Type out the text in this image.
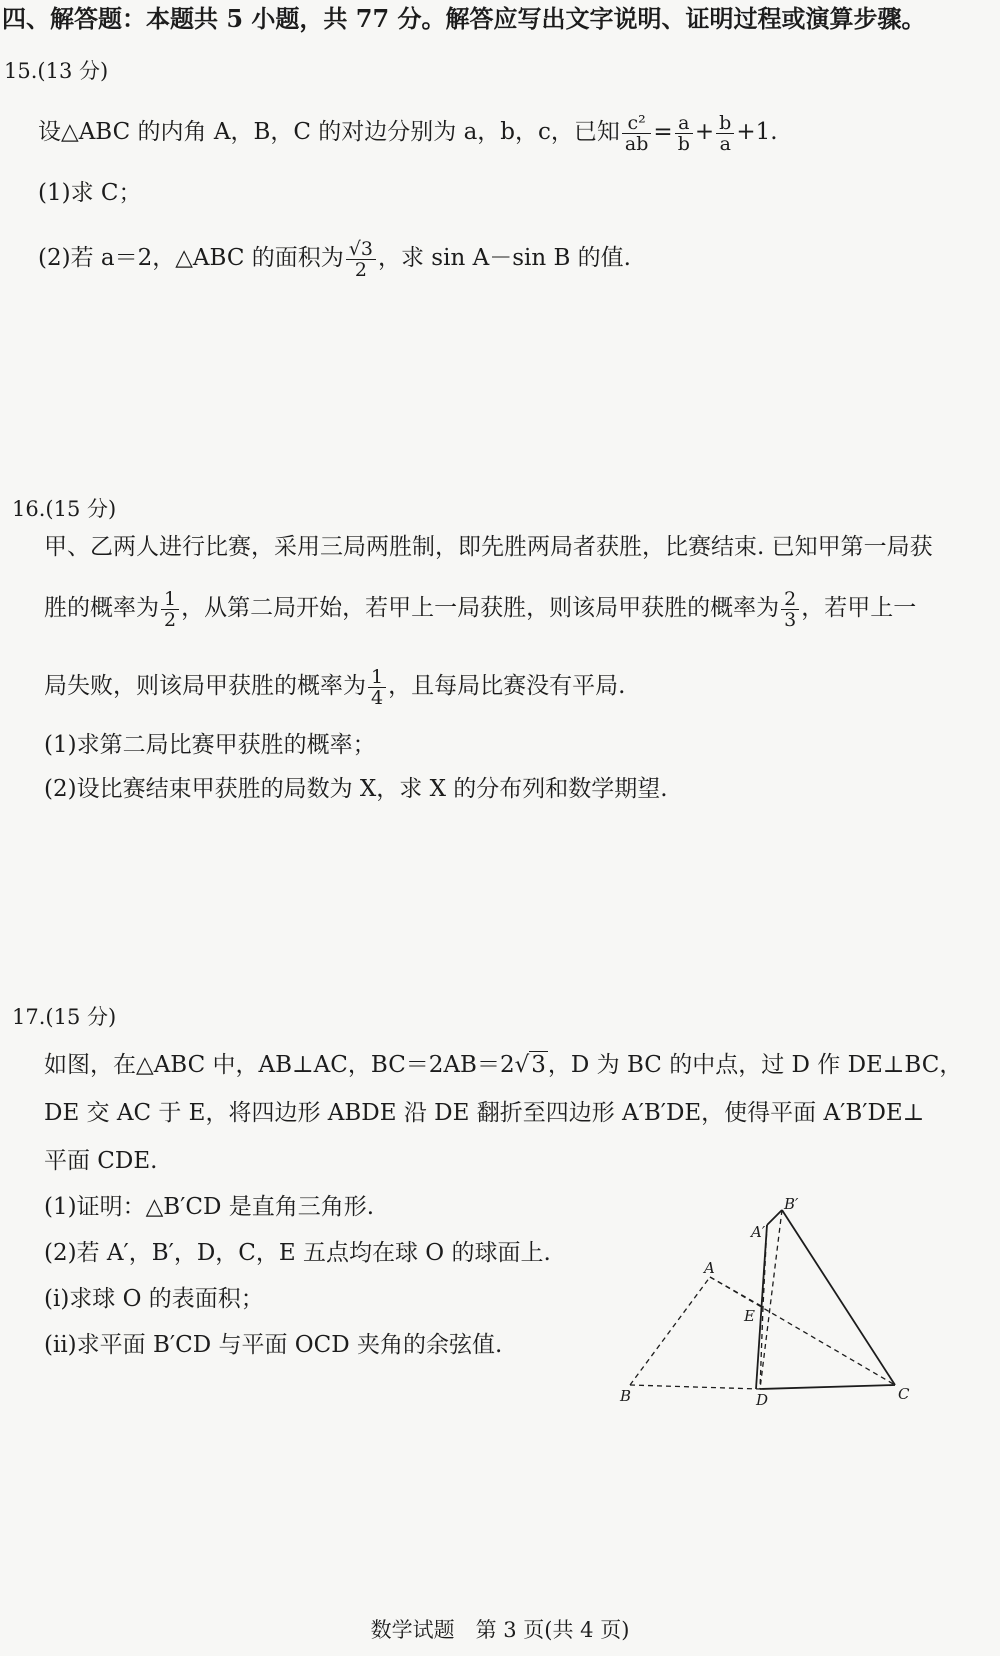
四、解答题：本题共 5 小题，共 77 分。解答应写出文字说明、证明过程或演算步骤。
15.(13 分)
设△ABC 的内角 A，B，C 的对边分别为 a，b，c，已知 $\frac{\text{c²}}{ab} = \frac{a}{b} + \frac{b}{a} +1$.
(1)求 C；
(2)若 a＝2，△ABC 的面积为 $\frac{√3}{2}$ ，求 sin A－sin B 的值.
16.(15 分)
甲、乙两人进行比赛，采用三局两胜制，即先胜两局者获胜，比赛结束. 已知甲第一局获
胜的概率为 $\frac{1}{2}$ ，从第二局开始，若甲上一局获胜，则该局甲获胜的概率为 $\frac{2}{3}$ ，若甲上一
局失败，则该局甲获胜的概率为 $\frac{1}{4}$ ，且每局比赛没有平局.
(1)求第二局比赛甲获胜的概率；
(2)设比赛结束甲获胜的局数为 X，求 X 的分布列和数学期望.
17.(15 分)
如图，在△ABC 中，AB⊥AC，BC＝2AB＝2√3，D 为 BC 的中点，过 D 作 DE⊥BC，
DE 交 AC 于 E，将四边形 ABDE 沿 DE 翻折至四边形 A′B′DE，使得平面 A′B′DE⊥
平面 CDE.
(1)证明：△B′CD 是直角三角形.
(2)若 A′，B′，D，C，E 五点均在球 O 的球面上.
(ⅰ)求球 O 的表面积；
(ⅱ)求平面 B′CD 与平面 OCD 夹角的余弦值.
B′
A′
A
E
B	D	C
数学试题　第 3 页(共 4 页)
